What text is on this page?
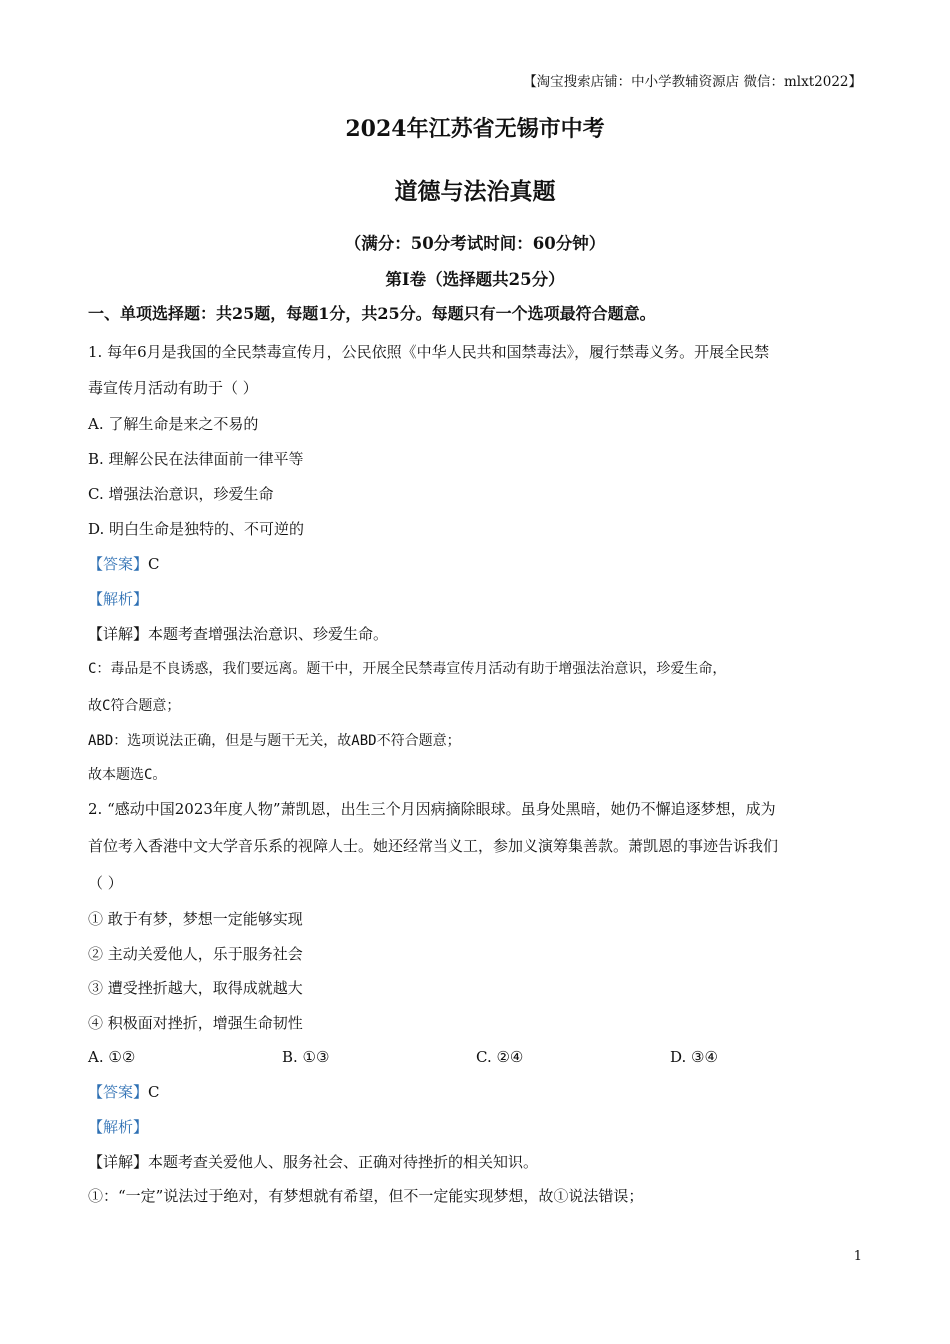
【淘宝搜索店铺：中小学教辅资源店 微信：mlxt2022】
2024年江苏省无锡市中考
道德与法治真题
（满分：50分考试时间：60分钟）
第Ⅰ卷（选择题共25分）
一、单项选择题：共25题，每题1分，共25分。每题只有一个选项最符合题意。
1. 每年6月是我国的全民禁毒宣传月，公民依照《中华人民共和国禁毒法》，履行禁毒义务。开展全民禁
毒宣传月活动有助于（ ）
A. 了解生命是来之不易的
B. 理解公民在法律面前一律平等
C. 增强法治意识，珍爱生命
D. 明白生命是独特的、不可逆的
【答案】C
【解析】
【详解】本题考查增强法治意识、珍爱生命。
C：毒品是不良诱惑，我们要远离。题干中，开展全民禁毒宣传月活动有助于增强法治意识，珍爱生命，
故C符合题意；
ABD：选项说法正确，但是与题干无关，故ABD不符合题意；
故本题选C。
2. “感动中国2023年度人物”萧凯恩，出生三个月因病摘除眼球。虽身处黑暗，她仍不懈追逐梦想，成为
首位考入香港中文大学音乐系的视障人士。她还经常当义工，参加义演筹集善款。萧凯恩的事迹告诉我们
（ ）
① 敢于有梦，梦想一定能够实现
② 主动关爱他人，乐于服务社会
③ 遭受挫折越大，取得成就越大
④ 积极面对挫折，增强生命韧性
A. ①②	B. ①③	C. ②④	D. ③④
【答案】C
【解析】
【详解】本题考查关爱他人、服务社会、正确对待挫折的相关知识。
①：“一定”说法过于绝对，有梦想就有希望，但不一定能实现梦想，故①说法错误；
1
